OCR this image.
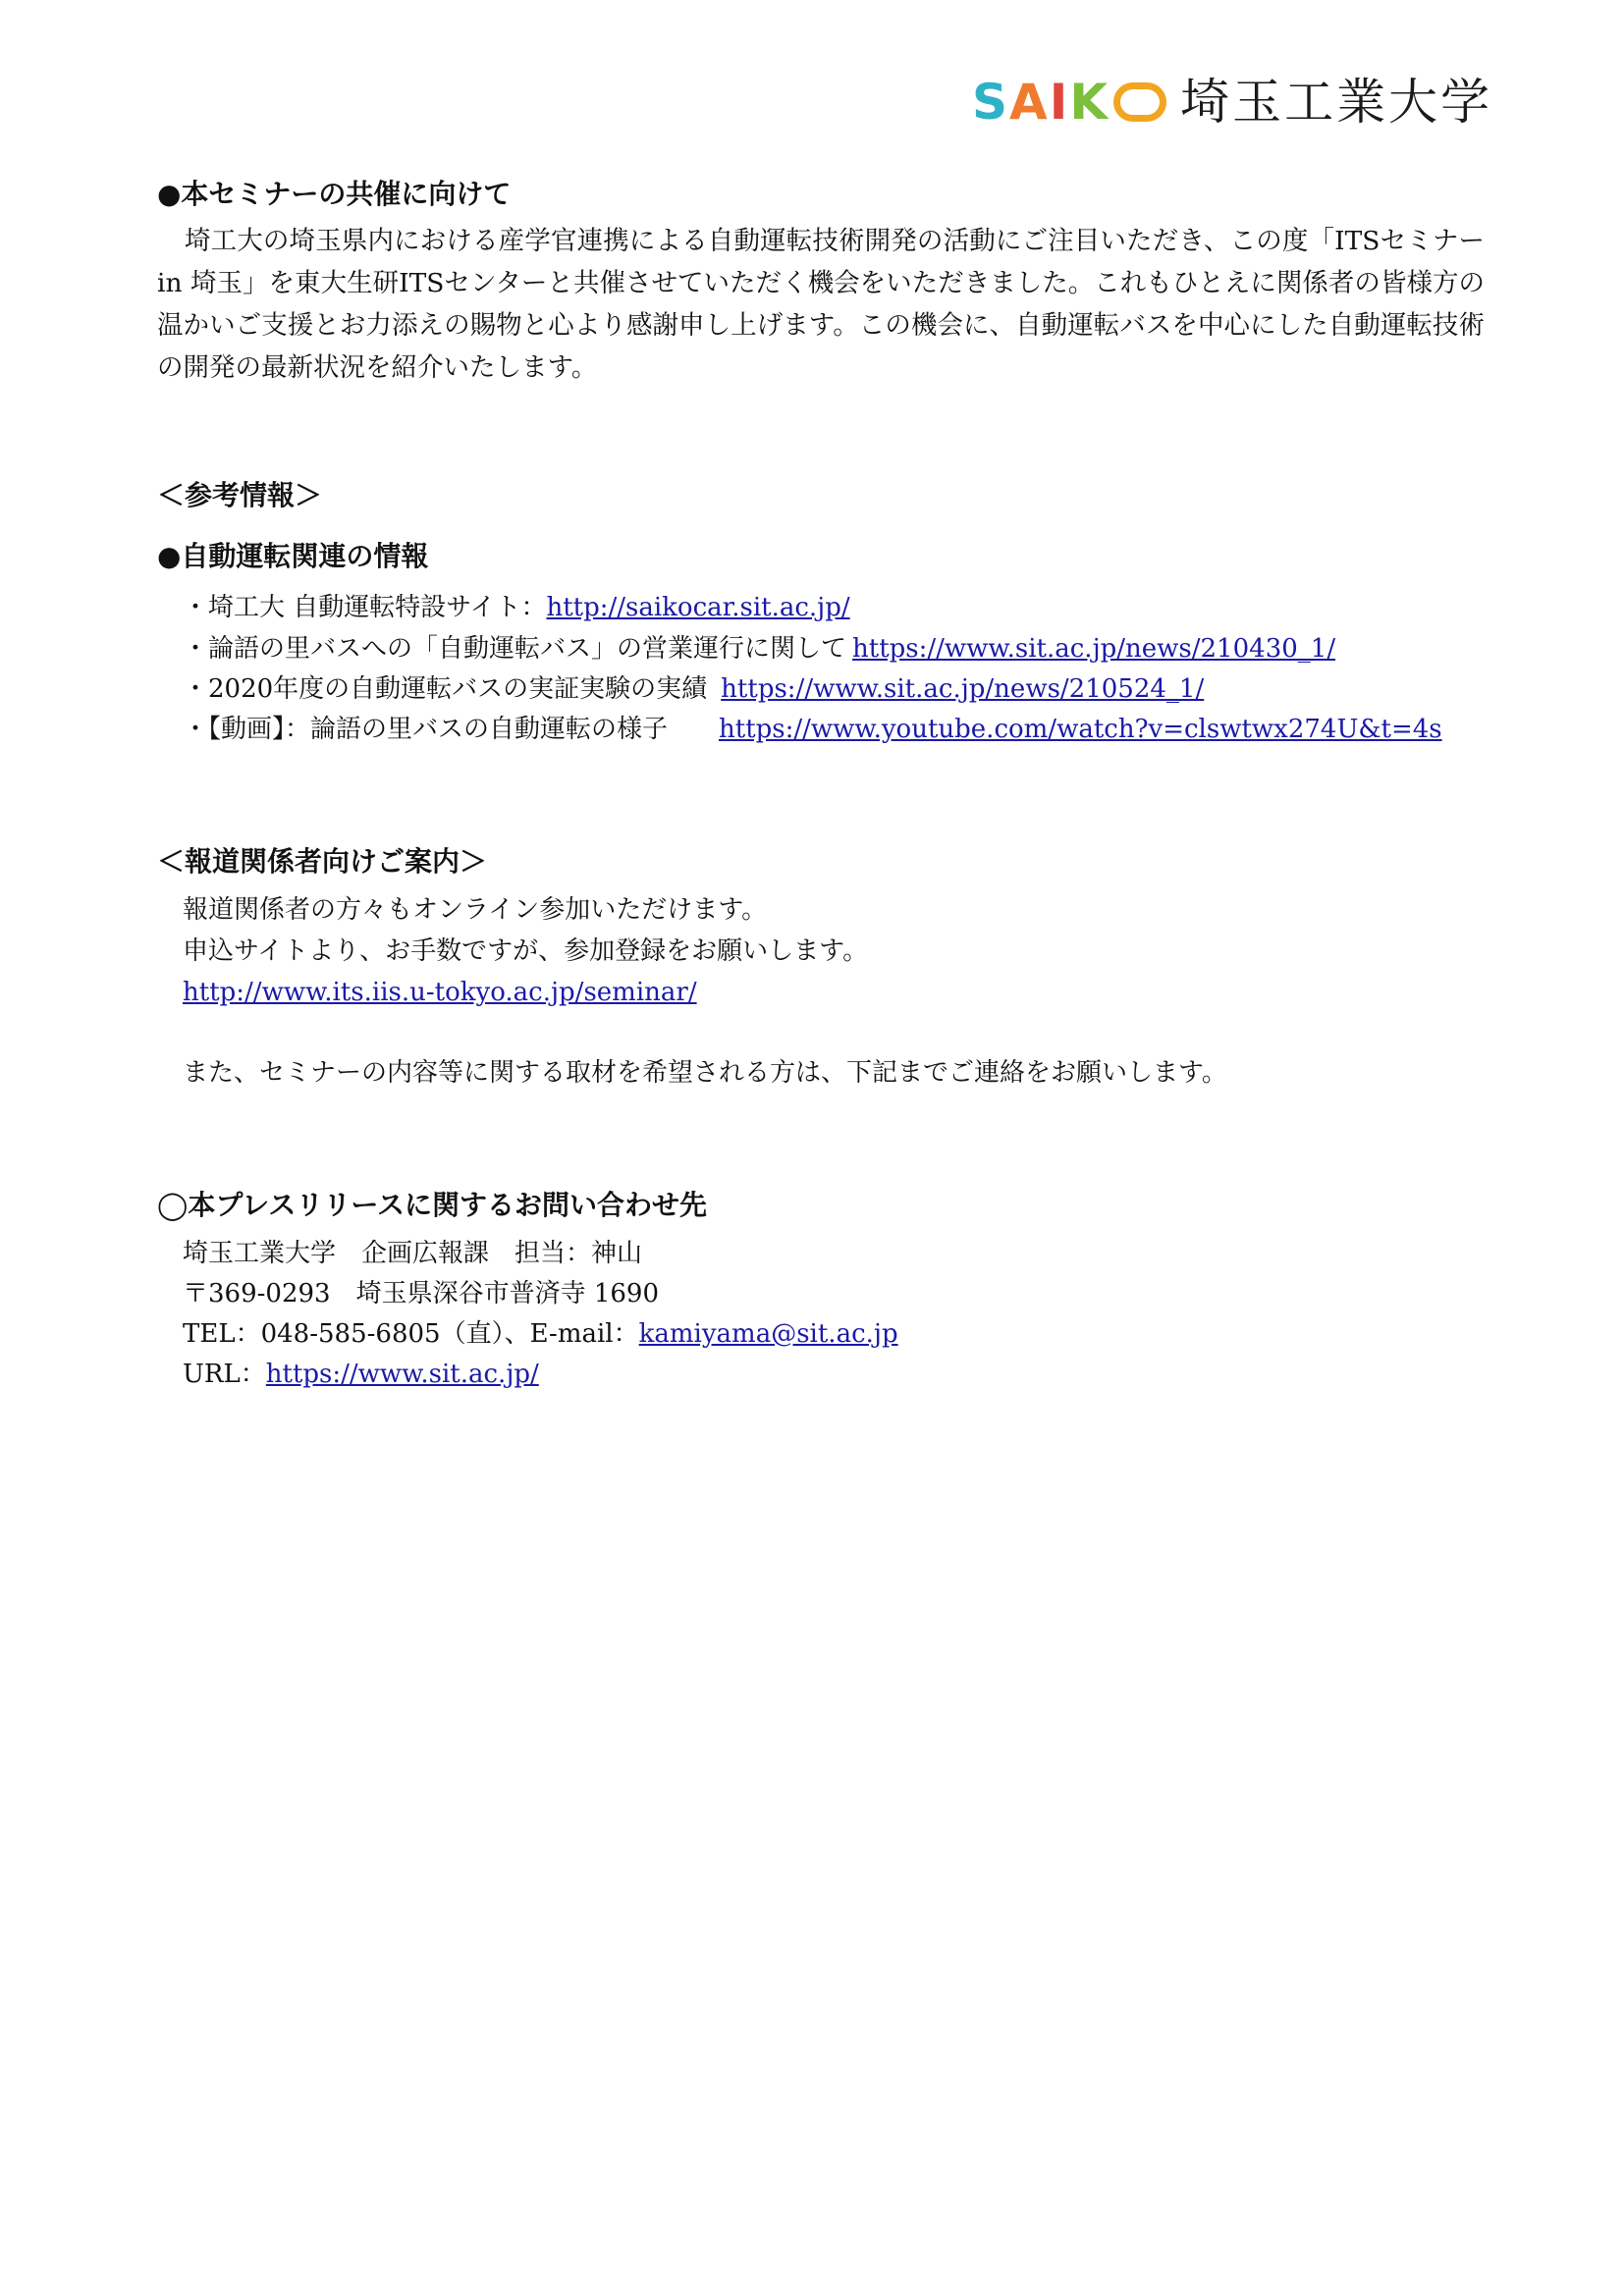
S A I K 埼玉工業大学
●本セミナーの共催に向けて

埼工大の埼玉県内における産学官連携による自動運転技術開発の活動にご注目いただき、この度「ITSセミナー in 埼玉」を東大生研ITSセンターと共催させていただく機会をいただきました。これもひとえに関係者の皆様方の温かいご支援とお力添えの賜物と心より感謝申し上げます。この機会に、自動運転バスを中心にした自動運転技術の開発の最新状況を紹介いたします。

＜参考情報＞
●自動運転関連の情報
・埼工大 自動運転特設サイト：http://saikocar.sit.ac.jp/
・論語の里バスへの「自動運転バス」の営業運行に関して https://www.sit.ac.jp/news/210430_1/
・2020年度の自動運転バスの実証実験の実績 https://www.sit.ac.jp/news/210524_1/
・【動画】：論語の里バスの自動運転の様子 https://www.youtube.com/watch?v=clswtwx274U&t=4s
＜報道関係者向けご案内＞
報道関係者の方々もオンライン参加いただけます。
申込サイトより、お手数ですが、参加登録をお願いします。
http://www.its.iis.u-tokyo.ac.jp/seminar/
また、セミナーの内容等に関する取材を希望される方は、下記までご連絡をお願いします。
◯本プレスリリースに関するお問い合わせ先
埼玉工業大学　企画広報課　担当：神山
〒369-0293　埼玉県深谷市普済寺 1690
TEL：048-585-6805（直）、E-mail：kamiyama@sit.ac.jp
URL：https://www.sit.ac.jp/
